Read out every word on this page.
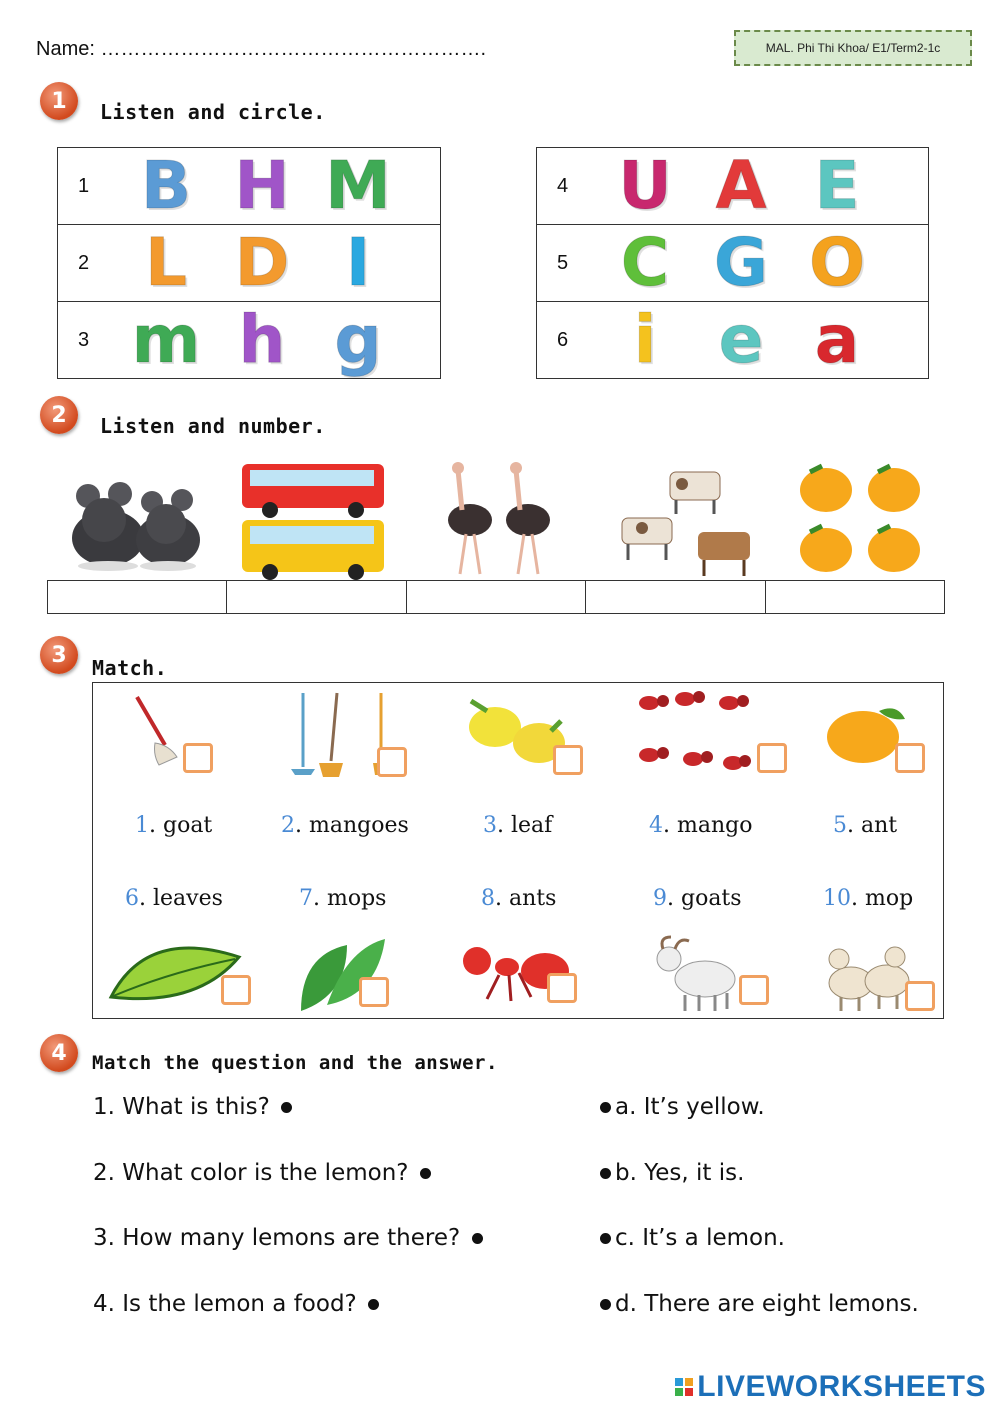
Name: ………………………………………………….	MAL. Phi Thi Khoa/ E1/Term2-1c
1	Listen and circle.
1 B H M
2 L D I
3 m h g
4 U A E
5 C G O
6 i e a
2	Listen and number.
3
Match.
1. goat	2. mangoes	3. leaf	4. mango	5. ant
6. leaves	7. mops	8. ants	9. goats	10. mop
4	Match the question and the answer.
1. What is this?
2. What color is the lemon?
3. How many lemons are there?
4. Is the lemon a food?
a. It’s yellow.
b. Yes, it is.
c. It’s a lemon.
d. There are eight lemons.
LIVEWORKSHEETS
